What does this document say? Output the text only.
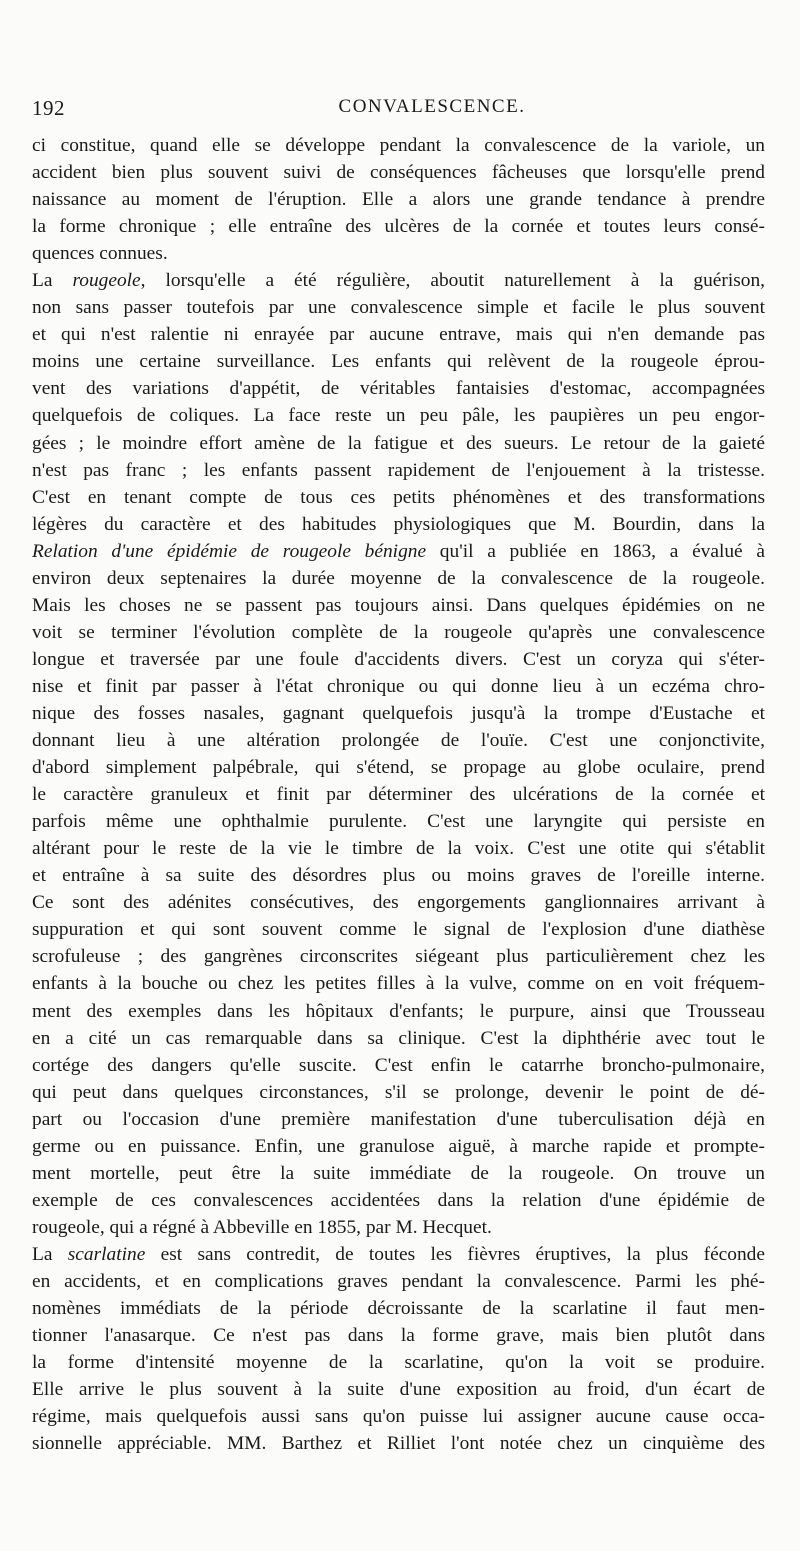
192	CONVALESCENCE.

ci constitue, quand elle se développe pendant la convalescence de la variole, un
accident bien plus souvent suivi de conséquences fâcheuses que lorsqu'elle prend
naissance au moment de l'éruption. Elle a alors une grande tendance à prendre
la forme chronique ; elle entraîne des ulcères de la cornée et toutes leurs consé-
quences connues.

La rougeole, lorsqu'elle a été régulière, aboutit naturellement à la guérison,
non sans passer toutefois par une convalescence simple et facile le plus souvent
et qui n'est ralentie ni enrayée par aucune entrave, mais qui n'en demande pas
moins une certaine surveillance. Les enfants qui relèvent de la rougeole éprou-
vent des variations d'appétit, de véritables fantaisies d'estomac, accompagnées
quelquefois de coliques. La face reste un peu pâle, les paupières un peu engor-
gées ; le moindre effort amène de la fatigue et des sueurs. Le retour de la gaieté
n'est pas franc ; les enfants passent rapidement de l'enjouement à la tristesse.
C'est en tenant compte de tous ces petits phénomènes et des transformations
légères du caractère et des habitudes physiologiques que M. Bourdin, dans la
Relation d'une épidémie de rougeole bénigne qu'il a publiée en 1863, a évalué à
environ deux septenaires la durée moyenne de la convalescence de la rougeole.
Mais les choses ne se passent pas toujours ainsi. Dans quelques épidémies on ne
voit se terminer l'évolution complète de la rougeole qu'après une convalescence
longue et traversée par une foule d'accidents divers. C'est un coryza qui s'éter-
nise et finit par passer à l'état chronique ou qui donne lieu à un eczéma chro-
nique des fosses nasales, gagnant quelquefois jusqu'à la trompe d'Eustache et
donnant lieu à une altération prolongée de l'ouïe. C'est une conjonctivite,
d'abord simplement palpébrale, qui s'étend, se propage au globe oculaire, prend
le caractère granuleux et finit par déterminer des ulcérations de la cornée et
parfois même une ophthalmie purulente. C'est une laryngite qui persiste en
altérant pour le reste de la vie le timbre de la voix. C'est une otite qui s'établit
et entraîne à sa suite des désordres plus ou moins graves de l'oreille interne.
Ce sont des adénites consécutives, des engorgements ganglionnaires arrivant à
suppuration et qui sont souvent comme le signal de l'explosion d'une diathèse
scrofuleuse ; des gangrènes circonscrites siégeant plus particulièrement chez les
enfants à la bouche ou chez les petites filles à la vulve, comme on en voit fréquem-
ment des exemples dans les hôpitaux d'enfants; le purpure, ainsi que Trousseau
en a cité un cas remarquable dans sa clinique. C'est la diphthérie avec tout le
cortége des dangers qu'elle suscite. C'est enfin le catarrhe broncho-pulmonaire,
qui peut dans quelques circonstances, s'il se prolonge, devenir le point de dé-
part ou l'occasion d'une première manifestation d'une tuberculisation déjà en
germe ou en puissance. Enfin, une granulose aiguë, à marche rapide et prompte-
ment mortelle, peut être la suite immédiate de la rougeole. On trouve un
exemple de ces convalescences accidentées dans la relation d'une épidémie de
rougeole, qui a régné à Abbeville en 1855, par M. Hecquet.

La scarlatine est sans contredit, de toutes les fièvres éruptives, la plus féconde
en accidents, et en complications graves pendant la convalescence. Parmi les phé-
nomènes immédiats de la période décroissante de la scarlatine il faut men-
tionner l'anasarque. Ce n'est pas dans la forme grave, mais bien plutôt dans
la forme d'intensité moyenne de la scarlatine, qu'on la voit se produire.
Elle arrive le plus souvent à la suite d'une exposition au froid, d'un écart de
régime, mais quelquefois aussi sans qu'on puisse lui assigner aucune cause occa-
sionnelle appréciable. MM. Barthez et Rilliet l'ont notée chez un cinquième des
